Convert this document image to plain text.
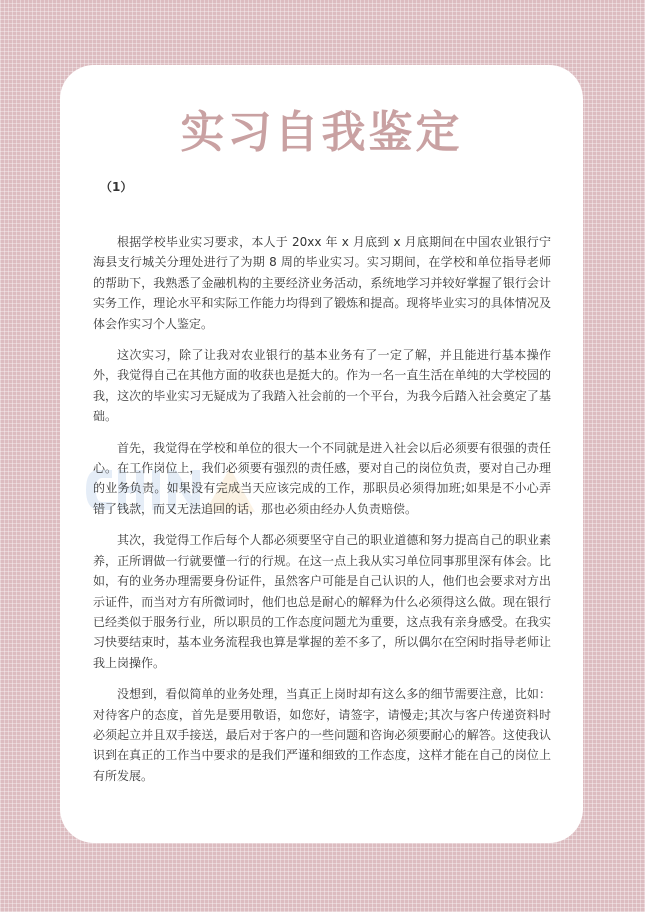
实习自我鉴定
（1）

根据学校毕业实习要求，本人于 20xx 年 x 月底到 x 月底期间在中国农业银行宁海县支行城关分理处进行了为期 8 周的毕业实习。实习期间，在学校和单位指导老师的帮助下，我熟悉了金融机构的主要经济业务活动，系统地学习并较好掌握了银行会计实务工作，理论水平和实际工作能力均得到了锻炼和提高。现将毕业实习的具体情况及体会作实习个人鉴定。

这次实习，除了让我对农业银行的基本业务有了一定了解，并且能进行基本操作外，我觉得自己在其他方面的收获也是挺大的。作为一名一直生活在单纯的大学校园的我，这次的毕业实习无疑成为了我踏入社会前的一个平台，为我今后踏入社会奠定了基础。

首先，我觉得在学校和单位的很大一个不同就是进入社会以后必须要有很强的责任心。在工作岗位上，我们必须要有强烈的责任感，要对自己的岗位负责，要对自己办理的业务负责。如果没有完成当天应该完成的工作，那职员必须得加班;如果是不小心弄错了钱款，而又无法追回的话，那也必须由经办人负责赔偿。

其次，我觉得工作后每个人都必须要坚守自己的职业道德和努力提高自己的职业素养，正所谓做一行就要懂一行的行规。在这一点上我从实习单位同事那里深有体会。比如，有的业务办理需要身份证件，虽然客户可能是自己认识的人，他们也会要求对方出示证件，而当对方有所微词时，他们也总是耐心的解释为什么必须得这么做。现在银行已经类似于服务行业，所以职员的工作态度问题尤为重要，这点我有亲身感受。在我实习快要结束时，基本业务流程我也算是掌握的差不多了，所以偶尔在空闲时指导老师让我上岗操作。

没想到，看似简单的业务处理，当真正上岗时却有这么多的细节需要注意，比如：对待客户的态度，首先是要用敬语，如您好，请签字，请慢走;其次与客户传递资料时必须起立并且双手接送，最后对于客户的一些问题和咨询必须要耐心的解答。这使我认识到在真正的工作当中要求的是我们严谨和细致的工作态度，这样才能在自己的岗位上有所发展。
